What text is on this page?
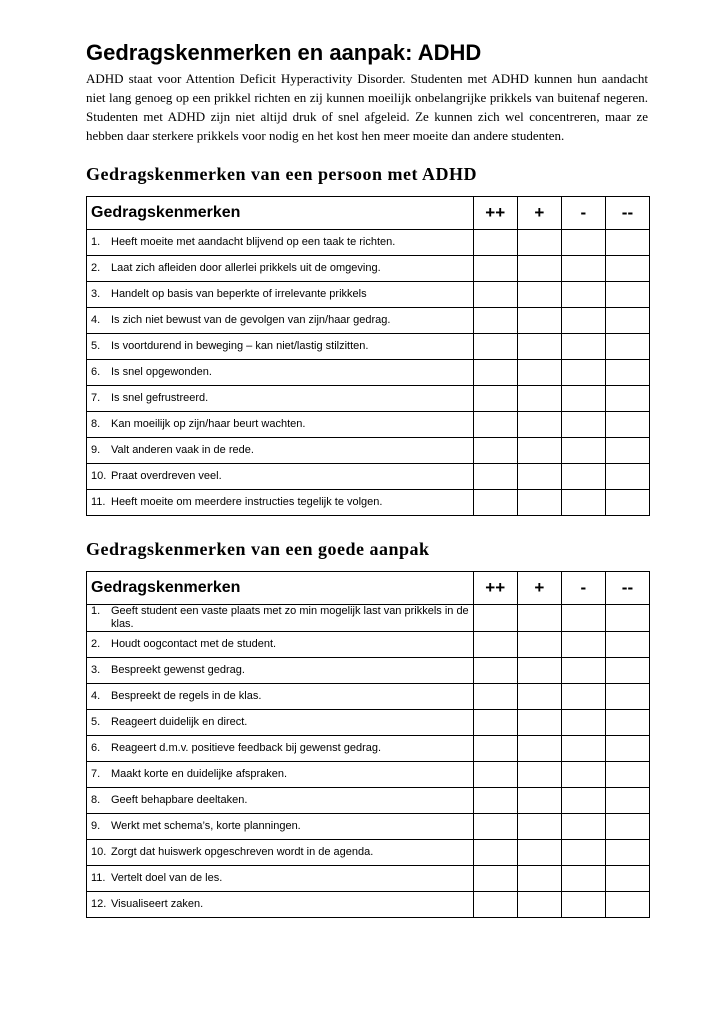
Gedragskenmerken en aanpak: ADHD

ADHD staat voor Attention Deficit Hyperactivity Disorder. Studenten met ADHD kunnen hun aandacht niet lang genoeg op een prikkel richten en zij kunnen moeilijk onbelangrijke prikkels van buitenaf negeren. Studenten met ADHD zijn niet altijd druk of snel afgeleid. Ze kunnen zich wel concentreren, maar ze hebben daar sterkere prikkels voor nodig en het kost hen meer moeite dan andere studenten.

Gedragskenmerken van een persoon met ADHD
Gedragskenmerken	++	+	-	--

1. Heeft moeite met aandacht blijvend op een taak te richten.				

2. Laat zich afleiden door allerlei prikkels uit de omgeving.				

3. Handelt op basis van beperkte of irrelevante prikkels				

4. Is zich niet bewust van de gevolgen van zijn/haar gedrag.				

5. Is voortdurend in beweging – kan niet/lastig stilzitten.				

6. Is snel opgewonden.				

7. Is snel gefrustreerd.				

8. Kan moeilijk op zijn/haar beurt wachten.				

9. Valt anderen vaak in de rede.				

10. Praat overdreven veel.				

11. Heeft moeite om meerdere instructies tegelijk te volgen.				

Gedragskenmerken van een goede aanpak
Gedragskenmerken	++	+	-	--

1. Geeft student een vaste plaats met zo min mogelijk last van prikkels in de klas.				

2. Houdt oogcontact met de student.				

3. Bespreekt gewenst gedrag.				

4. Bespreekt de regels in de klas.				

5. Reageert duidelijk en direct.				

6. Reageert d.m.v. positieve feedback bij gewenst gedrag.				

7. Maakt korte en duidelijke afspraken.				

8. Geeft behapbare deeltaken.				

9. Werkt met schema’s, korte planningen.				

10. Zorgt dat huiswerk opgeschreven wordt in de agenda.				

11. Vertelt doel van de les.				

12. Visualiseert zaken.				
